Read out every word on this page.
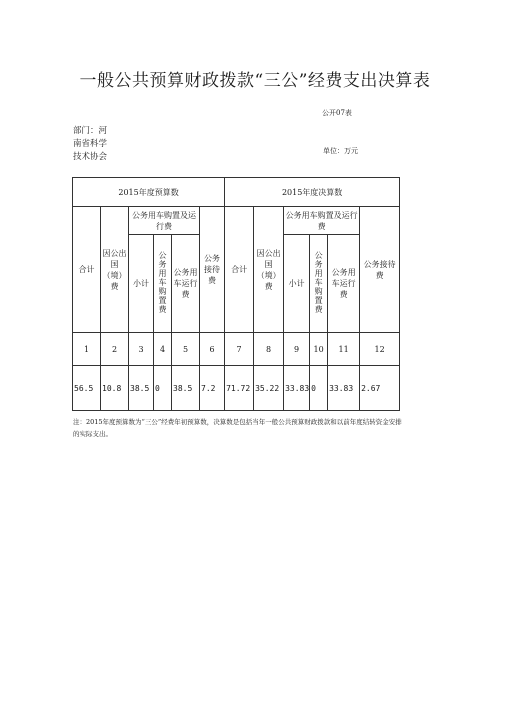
一般公共预算财政拨款“三公”经费支出决算表
公开07表
部门：河南省科学技术协会
单位：万元
2015年度预算数						2015年度决算数					
合计	因公出国（境）费	公务用车购置及运行费			公务接待费	合计	因公出国（境）费	公务用车购置及运行费			公务接待费
		小计	公务用车购置费	公务用车运行费				小计	公务用车购置费	公务用车运行费	

1	2	3	4	5	6	7	8	9	10	11	12
56.5	10.8	38.5	0	38.5	7.2	71.72	35.22	33.83	0	33.83	2.67
注：2015年度预算数为“三公”经费年初预算数，决算数是包括当年一般公共预算财政拨款和以前年度结转资金安排的实际支出。
